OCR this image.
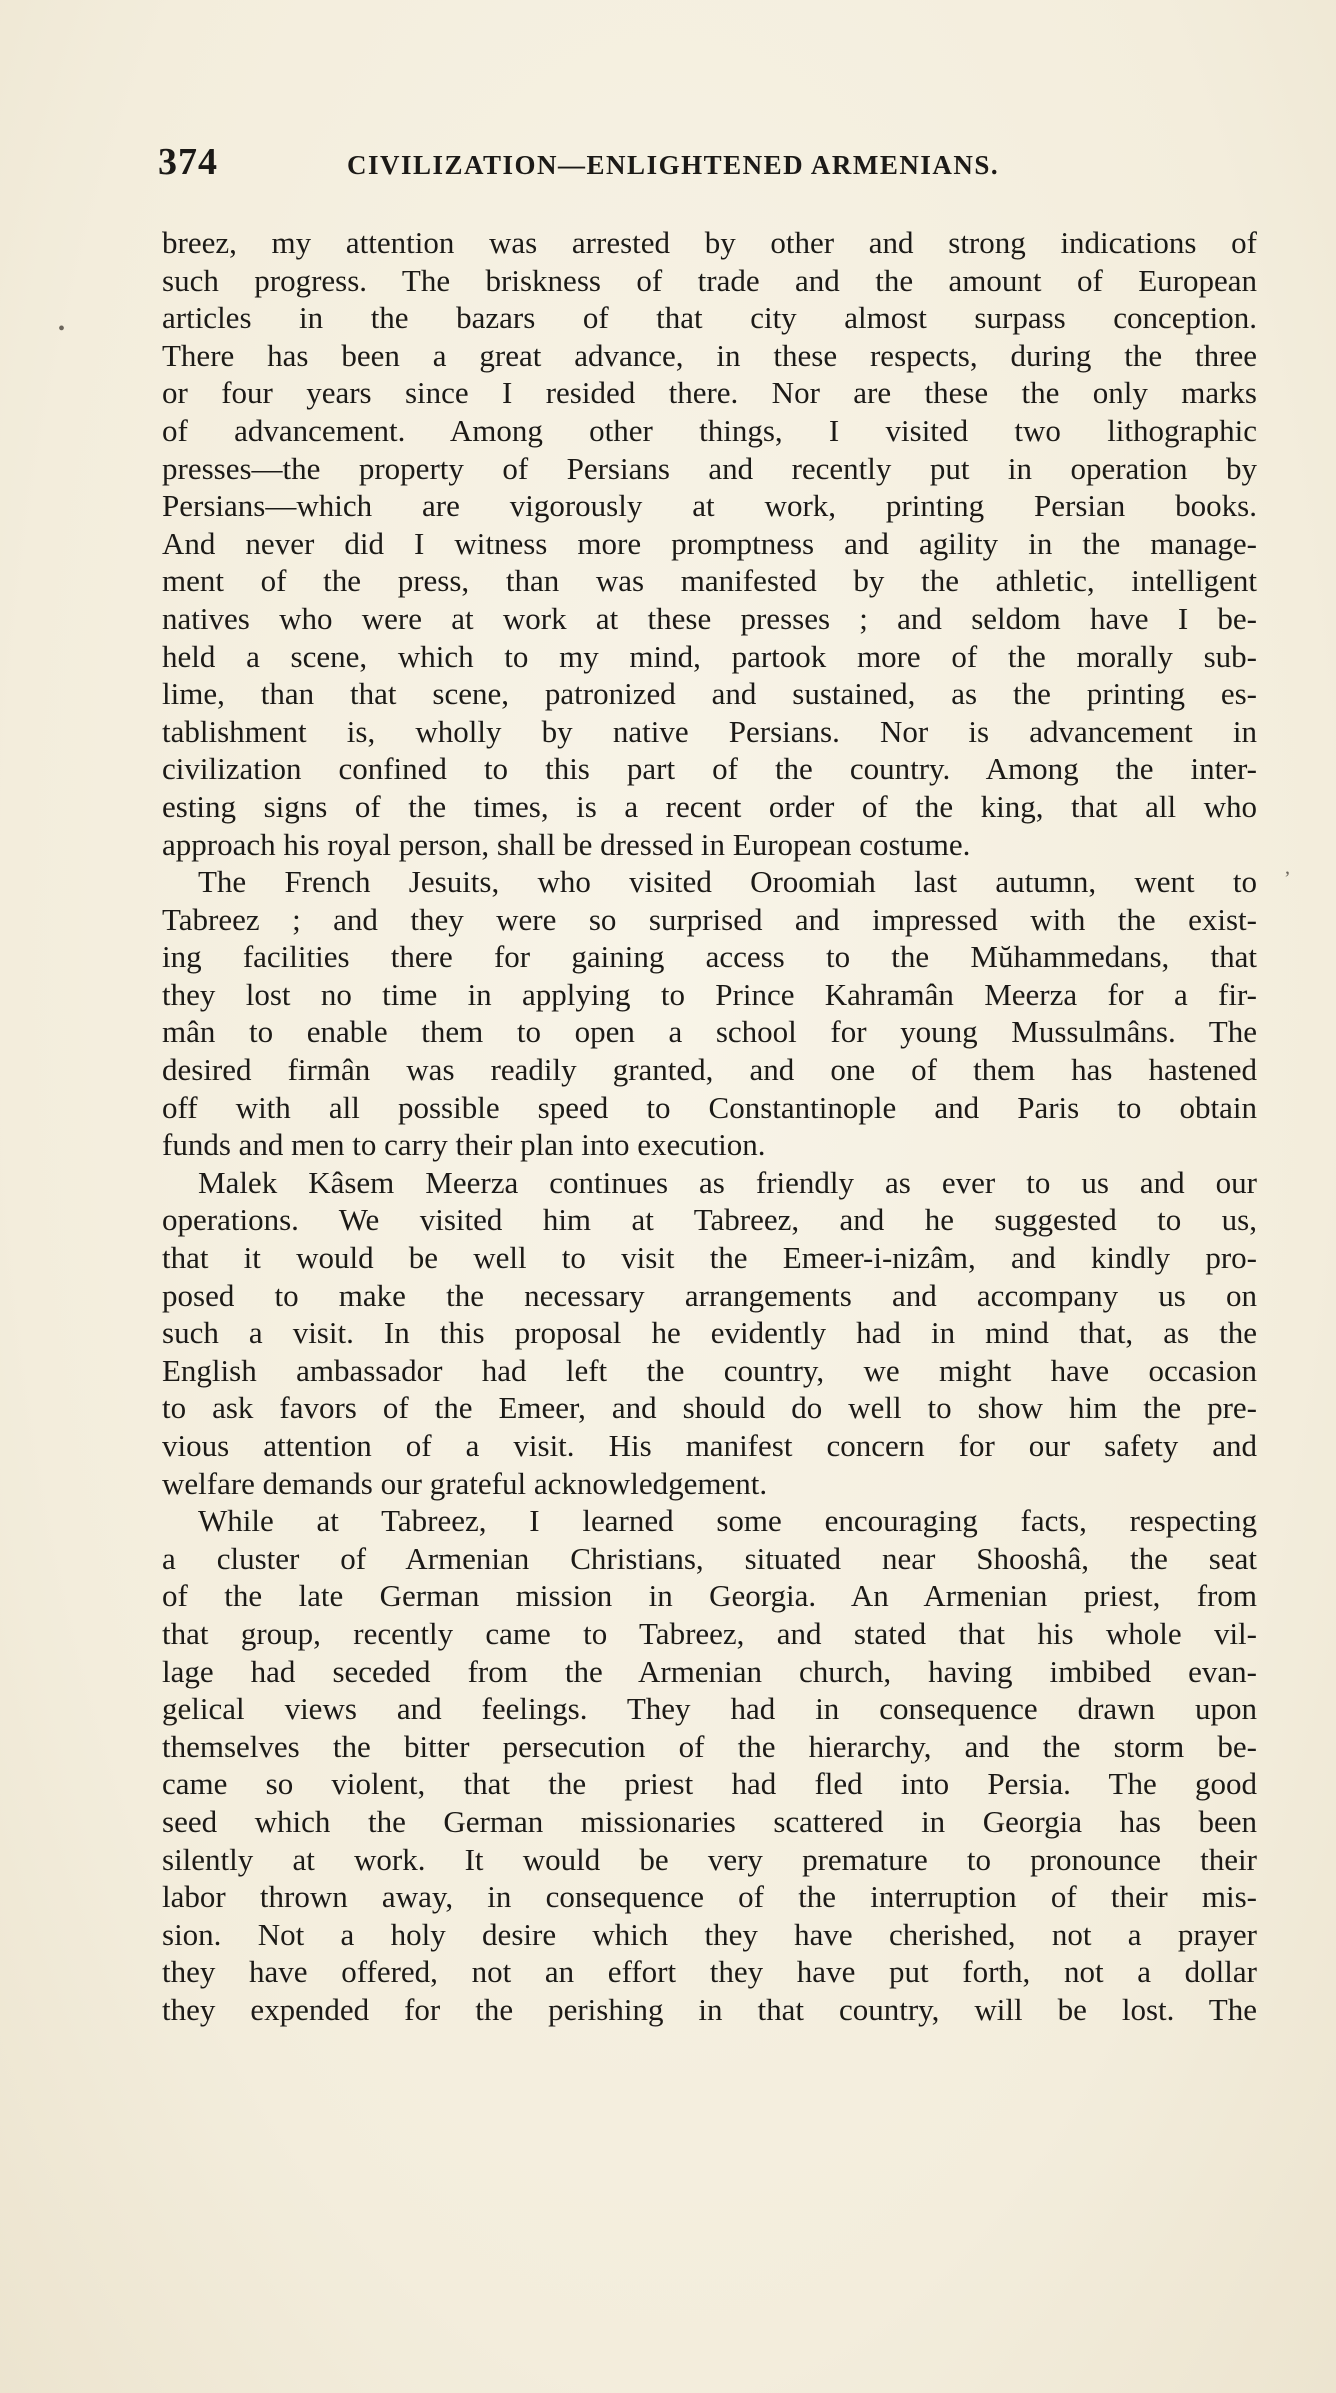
374	CIVILIZATION—ENLIGHTENED ARMENIANS.
•
ʼ
breez, my attention was arrested by other and strong indications of
such progress. The briskness of trade and the amount of European
articles in the bazars of that city almost surpass conception.
There has been a great advance, in these respects, during the three
or four years since I resided there. Nor are these the only marks
of advancement. Among other things, I visited two lithographic
presses—the property of Persians and recently put in operation by
Persians—which are vigorously at work, printing Persian books.
And never did I witness more promptness and agility in the manage-
ment of the press, than was manifested by the athletic, intelligent
natives who were at work at these presses ; and seldom have I be-
held a scene, which to my mind, partook more of the morally sub-
lime, than that scene, patronized and sustained, as the printing es-
tablishment is, wholly by native Persians. Nor is advancement in
civilization confined to this part of the country. Among the inter-
esting signs of the times, is a recent order of the king, that all who
approach his royal person, shall be dressed in European costume.
The French Jesuits, who visited Oroomiah last autumn, went to
Tabreez ; and they were so surprised and impressed with the exist-
ing facilities there for gaining access to the Mŭhammedans, that
they lost no time in applying to Prince Kahramân Meerza for a fir-
mân to enable them to open a school for young Mussulmâns. The
desired firmân was readily granted, and one of them has hastened
off with all possible speed to Constantinople and Paris to obtain
funds and men to carry their plan into execution.
Malek Kâsem Meerza continues as friendly as ever to us and our
operations. We visited him at Tabreez, and he suggested to us,
that it would be well to visit the Emeer-i-nizâm, and kindly pro-
posed to make the necessary arrangements and accompany us on
such a visit. In this proposal he evidently had in mind that, as the
English ambassador had left the country, we might have occasion
to ask favors of the Emeer, and should do well to show him the pre-
vious attention of a visit. His manifest concern for our safety and
welfare demands our grateful acknowledgement.
While at Tabreez, I learned some encouraging facts, respecting
a cluster of Armenian Christians, situated near Shooshâ, the seat
of the late German mission in Georgia. An Armenian priest, from
that group, recently came to Tabreez, and stated that his whole vil-
lage had seceded from the Armenian church, having imbibed evan-
gelical views and feelings. They had in consequence drawn upon
themselves the bitter persecution of the hierarchy, and the storm be-
came so violent, that the priest had fled into Persia. The good
seed which the German missionaries scattered in Georgia has been
silently at work. It would be very premature to pronounce their
labor thrown away, in consequence of the interruption of their mis-
sion. Not a holy desire which they have cherished, not a prayer
they have offered, not an effort they have put forth, not a dollar
they expended for the perishing in that country, will be lost. The
